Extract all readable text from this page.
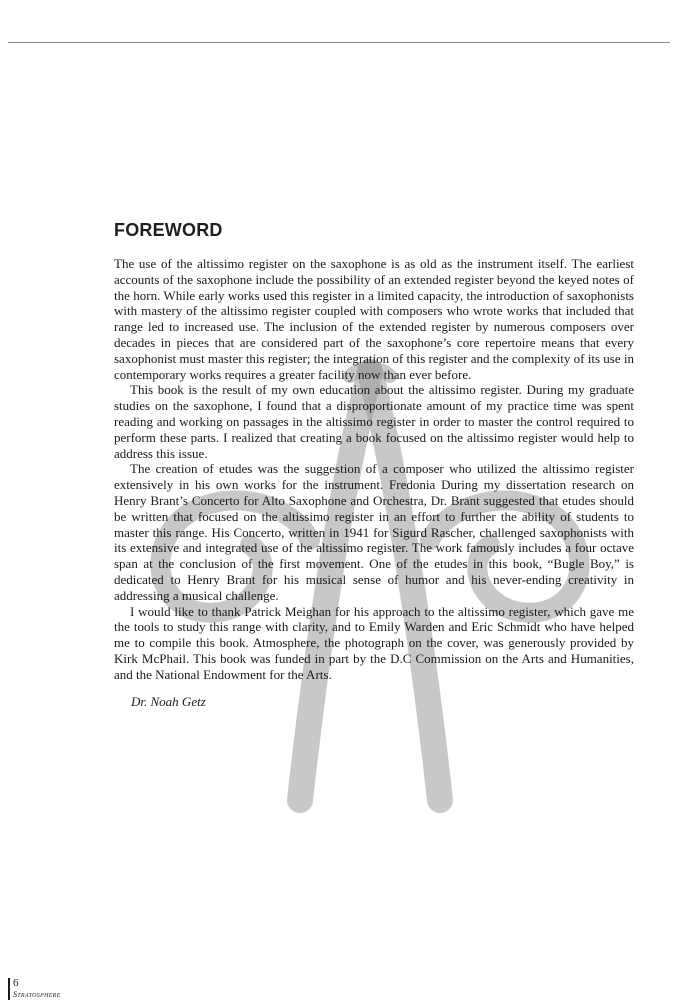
FOREWORD

The use of the altissimo register on the saxophone is as old as the instrument itself. The earliest accounts of the saxophone include the possibility of an extended register beyond the keyed notes of the horn. While early works used this register in a limited capacity, the introduction of saxophonists with mastery of the altissimo register coupled with composers who wrote works that included that range led to increased use. The inclusion of the extended register by numerous composers over decades in pieces that are considered part of the saxophone’s core repertoire means that every saxophonist must master this register; the integration of this register and the complexity of its use in contemporary works requires a greater facility now than ever before.

This book is the result of my own education about the altissimo register. During my graduate studies on the saxophone, I found that a disproportionate amount of my practice time was spent reading and working on passages in the altissimo register in order to master the control required to perform these parts. I realized that creating a book focused on the altissimo register would help to address this issue.

The creation of etudes was the suggestion of a composer who utilized the altissimo register extensively in his own works for the instrument. Fredonia During my dissertation research on Henry Brant’s Concerto for Alto Saxophone and Orchestra, Dr. Brant suggested that etudes should be written that focused on the altissimo register in an effort to further the ability of students to master this range. His Concerto, written in 1941 for Sigurd Rascher, challenged saxophonists with its extensive and integrated use of the altissimo register. The work famously includes a four octave span at the conclusion of the first movement. One of the etudes in this book, “Bugle Boy,” is dedicated to Henry Brant for his musical sense of humor and his never-ending creativity in addressing a musical challenge.

I would like to thank Patrick Meighan for his approach to the altissimo register, which gave me the tools to study this range with clarity, and to Emily Warden and Eric Schmidt who have helped me to compile this book. Atmosphere, the photograph on the cover, was generously provided by Kirk McPhail. This book was funded in part by the D.C Commission on the Arts and Humanities, and the National Endowment for the Arts.

Dr. Noah Getz

6
Stratosphere
